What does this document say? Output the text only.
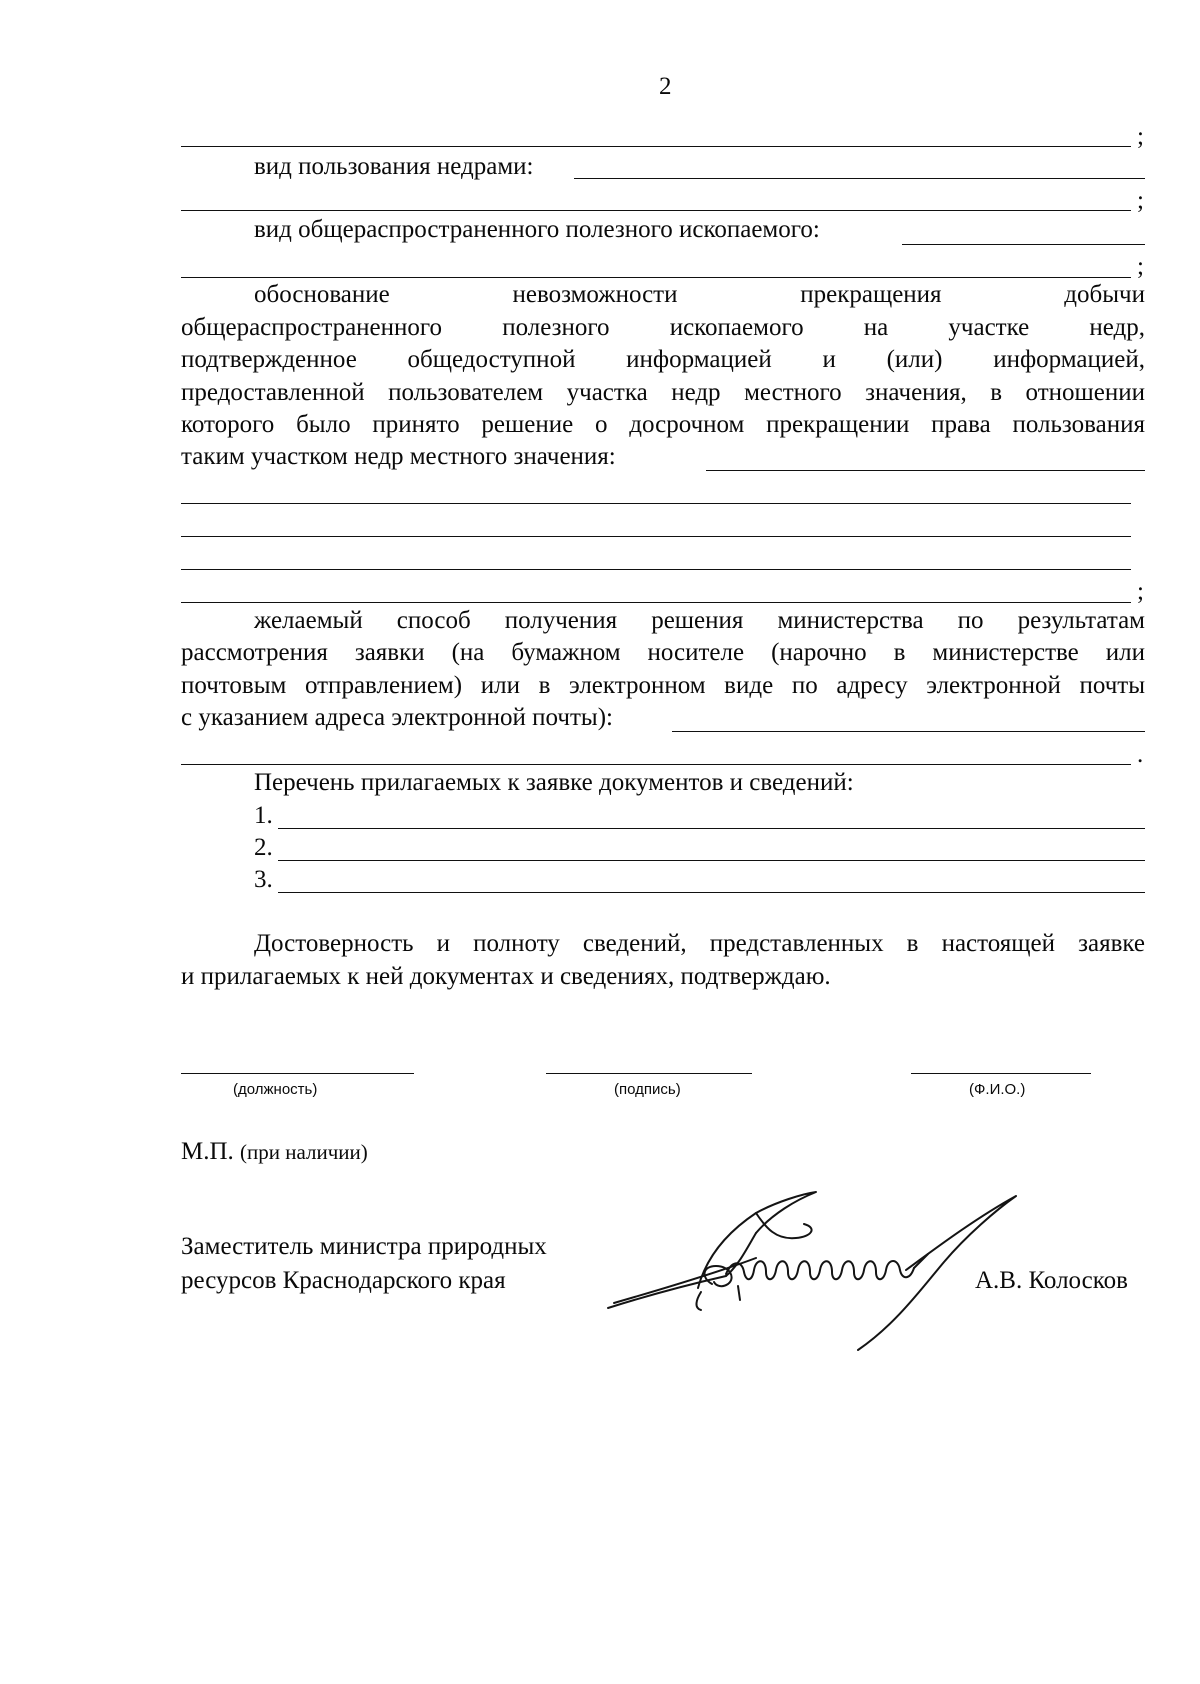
2
;
вид пользования недрами:
;
вид общераспространенного полезного ископаемого:
;
обоснование	невозможности	прекращения	добычи
общераспространенного полезного ископаемого на участке недр,
подтвержденное общедоступной информацией и (или) информацией,
предоставленной пользователем участка недр местного значения, в отношении
которого было принято решение о досрочном прекращении права пользования
таким участком недр местного значения:
;
желаемый способ получения решения министерства по результатам
рассмотрения заявки (на бумажном носителе (нарочно в министерстве или
почтовым отправлением) или в электронном виде по адресу электронной почты
с указанием адреса электронной почты):
.
Перечень прилагаемых к заявке документов и сведений:
1.
2.
3.
Достоверность и полноту сведений, представленных в настоящей заявке
и прилагаемых к ней документах и сведениях, подтверждаю.
(должность)	(подпись)	(Ф.И.О.)
М.П. (при наличии)
Заместитель министра природных
ресурсов Краснодарского края	А.В. Колосков
